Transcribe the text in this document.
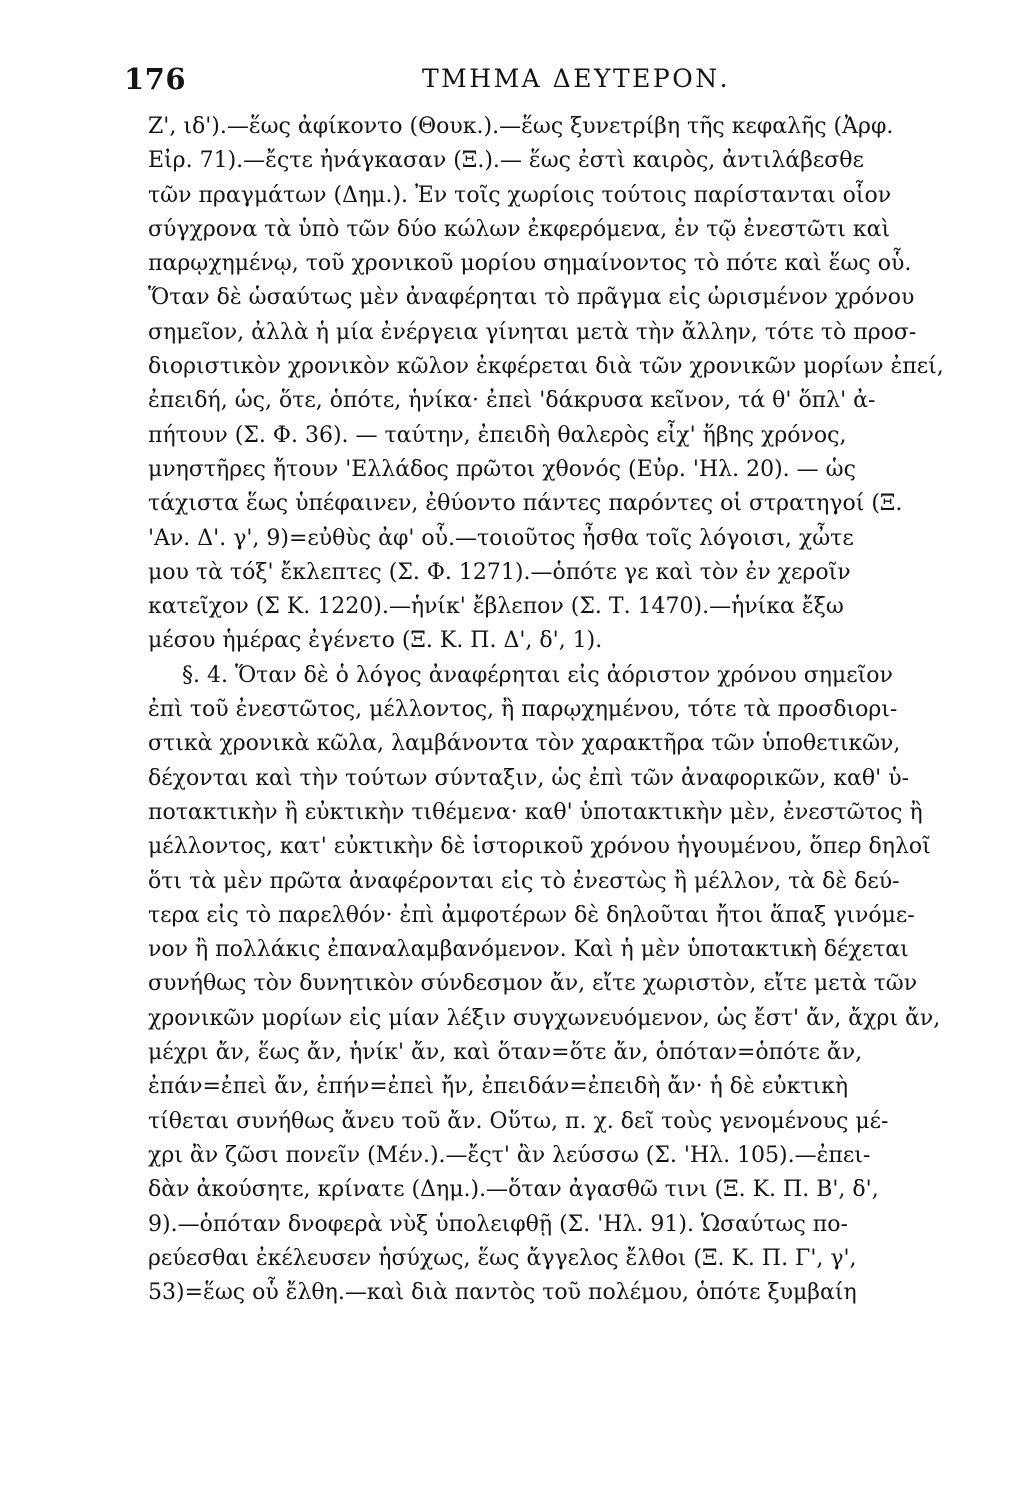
176	ΤΜΗΜΑ ΔΕΥΤΕΡΟΝ.
Ζ', ιδ').—ἕως ἀφίκοντο (Θουκ.).—ἕως ξυνετρίβη τῆς κεφαλῆς (Ἀρφ.
Εἰρ. 71).—ἔςτε ἠνάγκασαν (Ξ.).— ἕως ἐστὶ καιρὸς, ἀντιλάβεσθε
τῶν πραγμάτων (Δημ.). Ἐν τοῖς χωρίοις τούτοις παρίστανται οἷον
σύγχρονα τὰ ὑπὸ τῶν δύο κώλων ἐκφερόμενα, ἐν τῷ ἐνεστῶτι καὶ
παρῳχημένῳ, τοῦ χρονικοῦ μορίου σημαίνοντος τὸ πότε καὶ ἕως οὗ.
Ὅταν δὲ ὡσαύτως μὲν ἀναφέρηται τὸ πρᾶγμα εἰς ὡρισμένον χρόνου
σημεῖον, ἀλλὰ ἡ μία ἐνέργεια γίνηται μετὰ τὴν ἄλλην, τότε τὸ προσ-
διοριστικὸν χρονικὸν κῶλον ἐκφέρεται διὰ τῶν χρονικῶν μορίων ἐπεί,
ἐπειδή, ὡς, ὅτε, ὁπότε, ἡνίκα· ἐπεὶ 'δάκρυσα κεῖνον, τά θ' ὅπλ' ἀ-
πήτουν (Σ. Φ. 36). — ταύτην, ἐπειδὴ θαλερὸς εἶχ' ἥβης χρόνος,
μνηστῆρες ἤτουν 'Ελλάδος πρῶτοι χθονός (Εὐρ. 'Ηλ. 20). — ὡς
τάχιστα ἕως ὑπέφαινεν, ἐθύοντο πάντες παρόντες οἱ στρατηγοί (Ξ.
'Αν. Δ'. γ', 9)=εὐθὺς ἀφ' οὗ.—τοιοῦτος ἦσθα τοῖς λόγοισι, χὦτε
μου τὰ τόξ' ἔκλεπτες (Σ. Φ. 1271).—ὁπότε γε καὶ τὸν ἐν χεροῖν
κατεῖχον (Σ Κ. 1220).—ἡνίκ' ἔβλεπον (Σ. Τ. 1470).—ἡνίκα ἔξω
μέσου ἡμέρας ἐγένετο (Ξ. Κ. Π. Δ', δ', 1).
§. 4. Ὅταν δὲ ὁ λόγος ἀναφέρηται εἰς ἀόριστον χρόνου σημεῖον
ἐπὶ τοῦ ἐνεστῶτος, μέλλοντος, ἢ παρῳχημένου, τότε τὰ προσδιορι-
στικὰ χρονικὰ κῶλα, λαμβάνοντα τὸν χαρακτῆρα τῶν ὑποθετικῶν,
δέχονται καὶ τὴν τούτων σύνταξιν, ὡς ἐπὶ τῶν ἀναφορικῶν, καθ' ὑ-
ποτακτικὴν ἢ εὐκτικὴν τιθέμενα· καθ' ὑποτακτικὴν μὲν, ἐνεστῶτος ἢ
μέλλοντος, κατ' εὐκτικὴν δὲ ἱστορικοῦ χρόνου ἡγουμένου, ὅπερ δηλοῖ
ὅτι τὰ μὲν πρῶτα ἀναφέρονται εἰς τὸ ἐνεστὼς ἢ μέλλον, τὰ δὲ δεύ-
τερα εἰς τὸ παρελθόν· ἐπὶ ἀμφοτέρων δὲ δηλοῦται ἤτοι ἅπαξ γινόμε-
νον ἢ πολλάκις ἐπαναλαμβανόμενον. Καὶ ἡ μὲν ὑποτακτικὴ δέχεται
συνήθως τὸν δυνητικὸν σύνδεσμον ἄν, εἴτε χωριστὸν, εἴτε μετὰ τῶν
χρονικῶν μορίων εἰς μίαν λέξιν συγχωνευόμενον, ὡς ἔστ' ἄν, ἄχρι ἄν,
μέχρι ἄν, ἕως ἄν, ἡνίκ' ἄν, καὶ ὅταν=ὅτε ἄν, ὁπόταν=ὁπότε ἄν,
ἐπάν=ἐπεὶ ἄν, ἐπήν=ἐπεὶ ἤν, ἐπειδάν=ἐπειδὴ ἄν· ἡ δὲ εὐκτικὴ
τίθεται συνήθως ἄνευ τοῦ ἄν. Οὕτω, π. χ. δεῖ τοὺς γενομένους μέ-
χρι ἂν ζῶσι πονεῖν (Μέν.).—ἔςτ' ἂν λεύσσω (Σ. 'Ηλ. 105).—ἐπει-
δὰν ἀκούσητε, κρίνατε (Δημ.).—ὅταν ἀγασθῶ τινι (Ξ. Κ. Π. Β', δ',
9).—ὁπόταν δνοφερὰ νὺξ ὑπολειφθῇ (Σ. 'Ηλ. 91). Ὡσαύτως πο-
ρεύεσθαι ἐκέλευσεν ἡσύχως, ἕως ἄγγελος ἔλθοι (Ξ. Κ. Π. Γ', γ',
53)=ἕως οὗ ἔλθη.—καὶ διὰ παντὸς τοῦ πολέμου, ὁπότε ξυμβαίη
